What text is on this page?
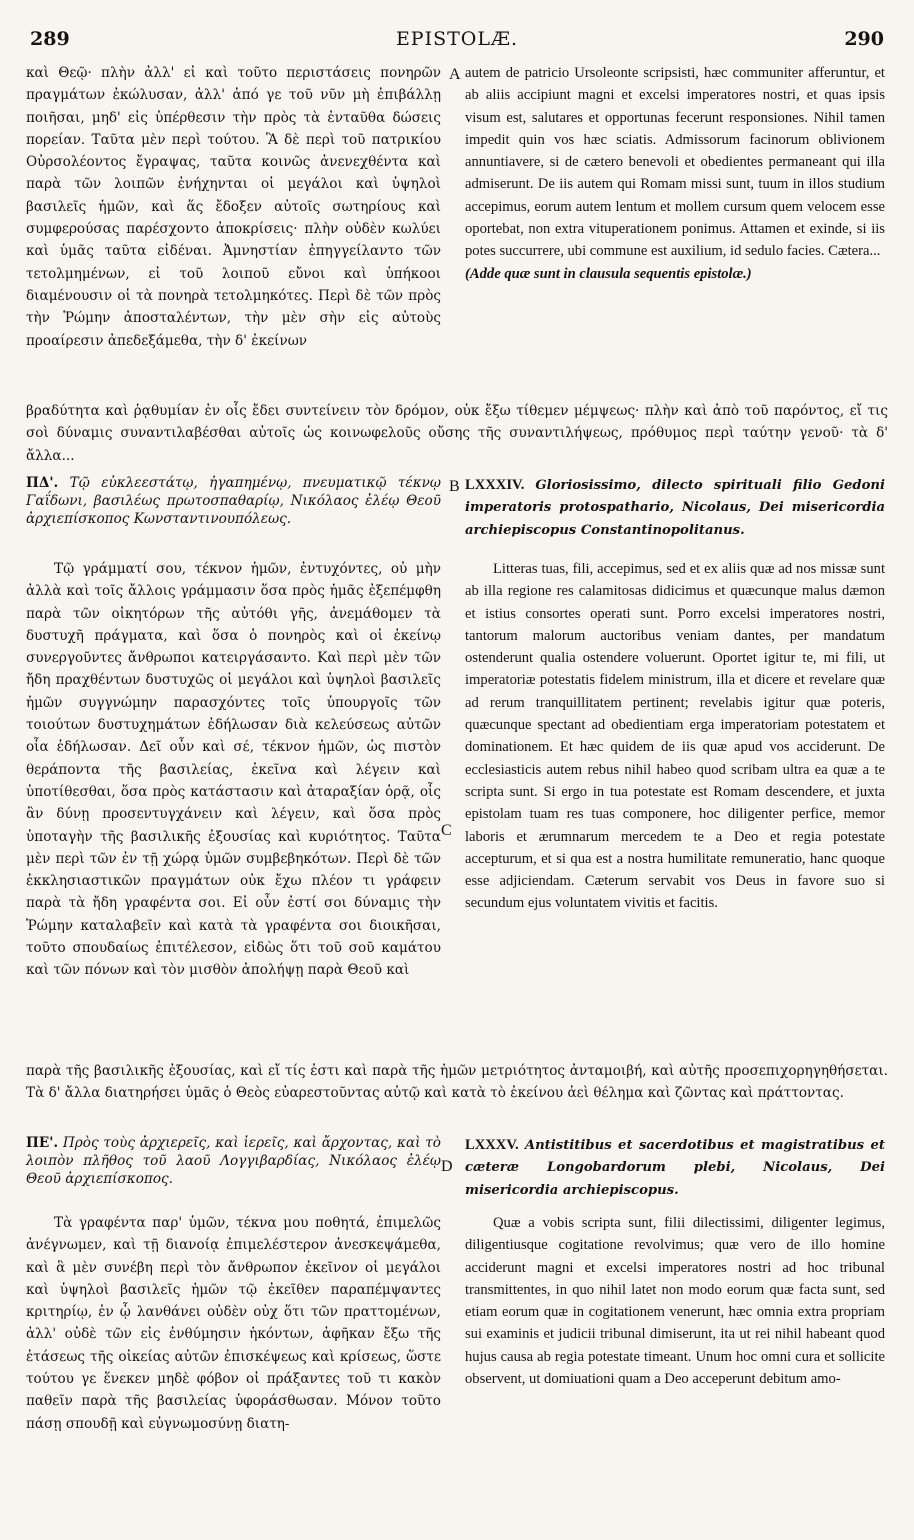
289	EPISTOLÆ.	290

καὶ Θεῷ· πλὴν ἀλλ' εἰ καὶ τοῦτο περιστάσεις πονηρῶν πραγμάτων ἐκώλυσαν, ἀλλ' ἀπό γε τοῦ νῦν μὴ ἐπιβάλλῃ ποιῆσαι, μηδ' εἰς ὑπέρθεσιν τὴν πρὸς τὰ ἐνταῦθα δώσεις πορείαν. Ταῦτα μὲν περὶ τούτου. Ἃ δὲ περὶ τοῦ πατρικίου Οὐρσολέοντος ἔγραψας, ταῦτα κοινῶς ἀνενεχθέντα καὶ παρὰ τῶν λοιπῶν ἐνήχηνται οἱ μεγάλοι καὶ ὑψηλοὶ βασιλεῖς ἡμῶν, καὶ ἅς ἔδοξεν αὐτοῖς σωτηρίους καὶ συμφερούσας παρέσχοντο ἀποκρίσεις· πλὴν οὐδὲν κωλύει καὶ ὑμᾶς ταῦτα εἰδέναι. Ἀμνηστίαν ἐπηγγείλαντο τῶν τετολμημένων, εἰ τοῦ λοιποῦ εὔνοι καὶ ὑπήκοοι διαμένουσιν οἱ τὰ πονηρὰ τετολμηκότες. Περὶ δὲ τῶν πρὸς τὴν Ῥώμην ἀποσταλέντων, τὴν μὲν σὴν εἰς αὐτοὺς προαίρεσιν ἀπεδεξάμεθα, τὴν δ' ἐκείνων

A autem de patricio Ursoleonte scripsisti, hæc communiter afferuntur, et ab aliis accipiunt magni et excelsi imperatores nostri, et quas ipsis visum est, salutares et opportunas fecerunt responsiones. Nihil tamen impedit quin vos hæc sciatis. Admissorum facinorum oblivionem annuntiavere, si de cætero benevoli et obedientes permaneant qui illa admiserunt. De iis autem qui Romam missi sunt, tuum in illos studium accepimus, eorum autem lentum et mollem cursum quem velocem esse oportebat, non extra vituperationem ponimus. Attamen et exinde, si iis potes succurrere, ubi commune est auxilium, id sedulo facies. Cætera...

(Adde quæ sunt in clausula sequentis epistolæ.)

βραδύτητα καὶ ῥᾳθυμίαν ἐν οἷς ἔδει συντείνειν τὸν δρόμον, οὐκ ἔξω τίθεμεν μέμψεως· πλὴν καὶ ἀπὸ τοῦ παρόντος, εἴ τις σοὶ δύναμις συναντιλαβέσθαι αὐτοῖς ὡς κοινωφελοῦς οὔσης τῆς συναντιλήψεως, πρόθυμος περὶ ταύτην γενοῦ· τὰ δ' ἄλλα...

ΠΔ'. Τῷ εὐκλεεστάτῳ, ἠγαπημένῳ, πνευματικῷ τέκνῳ Γαΐδωνι, βασιλέως πρωτοσπαθαρίῳ, Νικόλαος ἐλέῳ Θεοῦ ἀρχιεπίσκοπος Κωνσταντινουπόλεως.
B LXXXIV. Gloriosissimo, dilecto spirituali filio Gedoni imperatoris protospathario, Nicolaus, Dei misericordia archiepiscopus Constantinopolitanus.

Τῷ γράμματί σου, τέκνον ἡμῶν, ἐντυχόντες, οὐ μὴν ἀλλὰ καὶ τοῖς ἄλλοις γράμμασιν ὅσα πρὸς ἡμᾶς ἐξεπέμφθη παρὰ τῶν οἰκητόρων τῆς αὐτόθι γῆς, ἀνεμάθομεν τὰ δυστυχῆ πράγματα, καὶ ὅσα ὁ πονηρὸς καὶ οἱ ἐκείνῳ συνεργοῦντες ἄνθρωποι κατειργάσαντο. Καὶ περὶ μὲν τῶν ἤδη πραχθέντων δυστυχῶς οἱ μεγάλοι καὶ ὑψηλοὶ βασιλεῖς ἡμῶν συγγνώμην παρασχόντες τοῖς ὑπουργοῖς τῶν τοιούτων δυστυχημάτων ἐδήλωσαν διὰ κελεύσεως αὐτῶν οἷα ἐδήλωσαν. Δεῖ οὖν καὶ σέ, τέκνον ἡμῶν, ὡς πιστὸν θεράποντα τῆς βασιλείας, ἐκεῖνα καὶ λέγειν καὶ ὑποτίθεσθαι, ὅσα πρὸς κατάστασιν καὶ ἀταραξίαν ὁρᾷ, οἷς ἂν δύνῃ προσεντυγχάνειν καὶ λέγειν, καὶ ὅσα πρὸς ὑποταγὴν τῆς βασιλικῆς ἐξουσίας καὶ κυριότητος. Ταῦτα μὲν περὶ τῶν ἐν τῇ χώρᾳ ὑμῶν συμβεβηκότων. Περὶ δὲ τῶν ἐκκλησιαστικῶν πραγμάτων οὐκ ἔχω πλέον τι γράφειν παρὰ τὰ ἤδη γραφέντα σοι. Εἰ οὖν ἐστί σοι δύναμις τὴν Ῥώμην καταλαβεῖν καὶ κατὰ τὰ γραφέντα σοι διοικῆσαι, τοῦτο σπουδαίως ἐπιτέλεσον, εἰδὼς ὅτι τοῦ σοῦ καμάτου καὶ τῶν πόνων καὶ τὸν μισθὸν ἀπολήψῃ παρὰ Θεοῦ καὶ

C

Litteras tuas, fili, accepimus, sed et ex aliis quæ ad nos missæ sunt ab illa regione res calamitosas didicimus et quæcunque malus dæmon et istius consortes operati sunt. Porro excelsi imperatores nostri, tantorum malorum auctoribus veniam dantes, per mandatum ostenderunt qualia ostendere voluerunt. Oportet igitur te, mi fili, ut imperatoriæ potestatis fidelem ministrum, illa et dicere et revelare quæ ad rerum tranquillitatem pertinent; revelabis igitur quæ poteris, quæcunque spectant ad obedientiam erga imperatoriam potestatem et dominationem. Et hæc quidem de iis quæ apud vos acciderunt. De ecclesiasticis autem rebus nihil habeo quod scribam ultra ea quæ a te scripta sunt. Si ergo in tua potestate est Romam descendere, et juxta epistolam tuam res tuas componere, hoc diligenter perfice, memor laboris et ærumnarum mercedem te a Deo et regia potestate accepturum, et si qua est a nostra humilitate remuneratio, hanc quoque esse adjiciendam. Cæterum servabit vos Deus in favore suo si secundum ejus voluntatem vivitis et facitis.

παρὰ τῆς βασιλικῆς ἐξουσίας, καὶ εἴ τίς ἐστι καὶ παρὰ τῆς ἡμῶν μετριότητος ἀνταμοιβή, καὶ αὐτῆς προσεπιχορηγηθήσεται. Τὰ δ' ἄλλα διατηρήσει ὑμᾶς ὁ Θεὸς εὐαρεστοῦντας αὐτῷ καὶ κατὰ τὸ ἐκείνου ἀεὶ θέλημα καὶ ζῶντας καὶ πράττοντας.

ΠΕ'. Πρὸς τοὺς ἀρχιερεῖς, καὶ ἱερεῖς, καὶ ἄρχοντας, καὶ τὸ λοιπὸν πλῆθος τοῦ λαοῦ Λογγιβαρδίας, Νικόλαος ἐλέῳ Θεοῦ ἀρχιεπίσκοπος.
D
LXXXV. Antistitibus et sacerdotibus et magistratibus et cæteræ Longobardorum plebi, Nicolaus, Dei misericordia archiepiscopus.

Τὰ γραφέντα παρ' ὑμῶν, τέκνα μου ποθητά, ἐπιμελῶς ἀνέγνωμεν, καὶ τῇ διανοίᾳ ἐπιμελέστερον ἀνεσκεψάμεθα, καὶ ἃ μὲν συνέβη περὶ τὸν ἄνθρωπον ἐκεῖνον οἱ μεγάλοι καὶ ὑψηλοὶ βασιλεῖς ἡμῶν τῷ ἐκεῖθεν παραπέμψαντες κριτηρίῳ, ἐν ᾧ λανθάνει οὐδὲν οὐχ ὅτι τῶν πραττομένων, ἀλλ' οὐδὲ τῶν εἰς ἐνθύμησιν ἡκόντων, ἀφῆκαν ἔξω τῆς ἐτάσεως τῆς οἰκείας αὐτῶν ἐπισκέψεως καὶ κρίσεως, ὥστε τούτου γε ἕνεκεν μηδὲ φόβον οἱ πράξαντες τοῦ τι κακὸν παθεῖν παρὰ τῆς βασιλείας ὑφοράσθωσαν. Μόνον τοῦτο πάσῃ σπουδῇ καὶ εὐγνωμοσύνῃ διατη-

Quæ a vobis scripta sunt, filii dilectissimi, diligenter legimus, diligentiusque cogitatione revolvimus; quæ vero de illo homine acciderunt magni et excelsi imperatores nostri ad hoc tribunal transmittentes, in quo nihil latet non modo eorum quæ facta sunt, sed etiam eorum quæ in cogitationem venerunt, hæc omnia extra propriam sui examinis et judicii tribunal dimiserunt, ita ut rei nihil habeant quod hujus causa ab regia potestate timeant. Unum hoc omni cura et sollicite observent, ut domiuationi quam a Deo acceperunt debitum amo-
